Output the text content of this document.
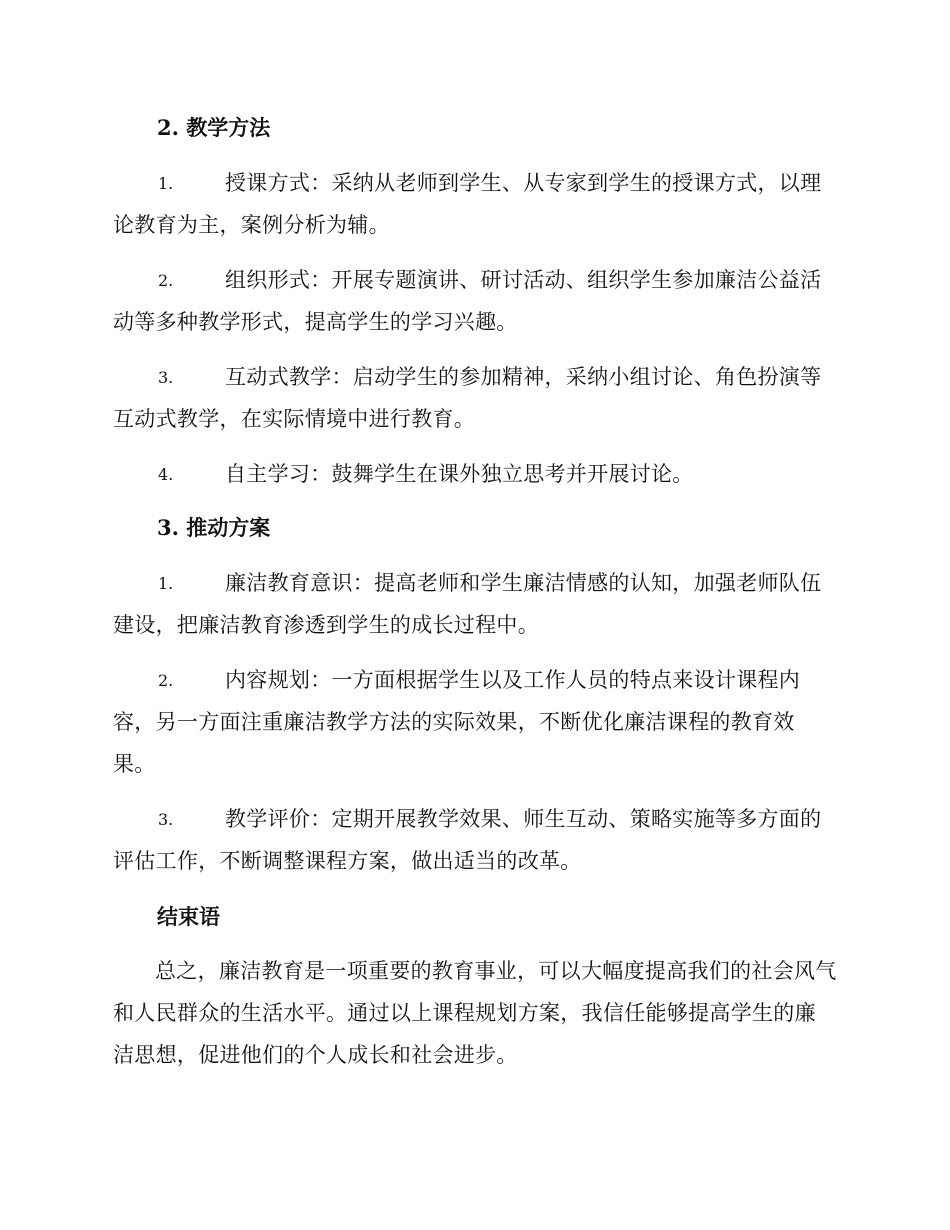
2. 教学方法
1.	授课方式：采纳从老师到学生、从专家到学生的授课方式，以理论教育为主，案例分析为辅。
2.	组织形式：开展专题演讲、研讨活动、组织学生参加廉洁公益活动等多种教学形式，提高学生的学习兴趣。
3.	互动式教学：启动学生的参加精神，采纳小组讨论、角色扮演等互动式教学，在实际情境中进行教育。
4.	自主学习：鼓舞学生在课外独立思考并开展讨论。
3. 推动方案
1.	廉洁教育意识：提高老师和学生廉洁情感的认知，加强老师队伍建设，把廉洁教育渗透到学生的成长过程中。
2.	内容规划：一方面根据学生以及工作人员的特点来设计课程内容，另一方面注重廉洁教学方法的实际效果，不断优化廉洁课程的教育效果。
3.	教学评价：定期开展教学效果、师生互动、策略实施等多方面的评估工作，不断调整课程方案，做出适当的改革。
结束语
总之，廉洁教育是一项重要的教育事业，可以大幅度提高我们的社会风气和人民群众的生活水平。通过以上课程规划方案，我信任能够提高学生的廉洁思想，促进他们的个人成长和社会进步。
